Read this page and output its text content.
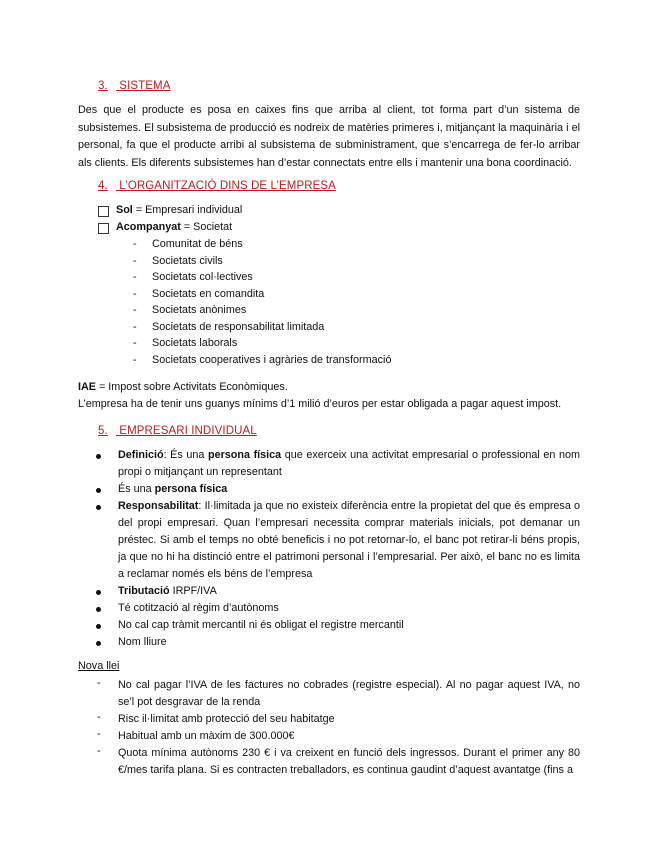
3. SISTEMA

Des que el producte es posa en caixes fins que arriba al client, tot forma part d’un sistema de subsistemes. El subsistema de producció es nodreix de matèries primeres i, mitjançant la maquinària i el personal, fa que el producte arribi al subsistema de subministrament, que s’encarrega de fer-lo arribar als clients. Els diferents subsistemes han d’estar connectats entre ells i mantenir una bona coordinació.

4. L’ORGANITZACIÓ DINS DE L’EMPRESA
Sol = Empresari individual
Acompanyat = Societat
- Comunitat de béns
- Societats civils
- Societats col·lectives
- Societats en comandita
- Societats anònimes
- Societats de responsabilitat limitada
- Societats laborals
- Societats cooperatives i agràries de transformació
IAE = Impost sobre Activitats Econòmiques.
L’empresa ha de tenir uns guanys mínims d’1 milió d’euros per estar obligada a pagar aquest impost.
5. EMPRESARI INDIVIDUAL

Definició: És una persona física que exerceix una activitat empresarial o professional en nom propi o mitjançant un representant

És una persona física

Responsabilitat: Il·limitada ja que no existeix diferència entre la propietat del que és empresa o del propi empresari. Quan l’empresari necessita comprar materials inicials, pot demanar un préstec. Si amb el temps no obté beneficis i no pot retornar-lo, el banc pot retirar-li béns propis, ja que no hi ha distinció entre el patrimoni personal i l’empresarial. Per això, el banc no es limita a reclamar només els béns de l’empresa

Tributació IRPF/IVA

Té cotització al règim d’autònoms

No cal cap tràmit mercantil ni és obligat el registre mercantil

Nom lliure

Nova llei
- No cal pagar l’IVA de les factures no cobrades (registre especial). Al no pagar aquest IVA, no se’l pot desgravar de la renda

- Risc il·limitat amb protecció del seu habitatge

- Habitual amb un màxim de 300.000€

- Quota mínima autònoms 230 € i va creixent en funció dels ingressos. Durant el primer any 80 €/mes tarifa plana. Si es contracten treballadors, es continua gaudint d’aquest avantatge (fins a
